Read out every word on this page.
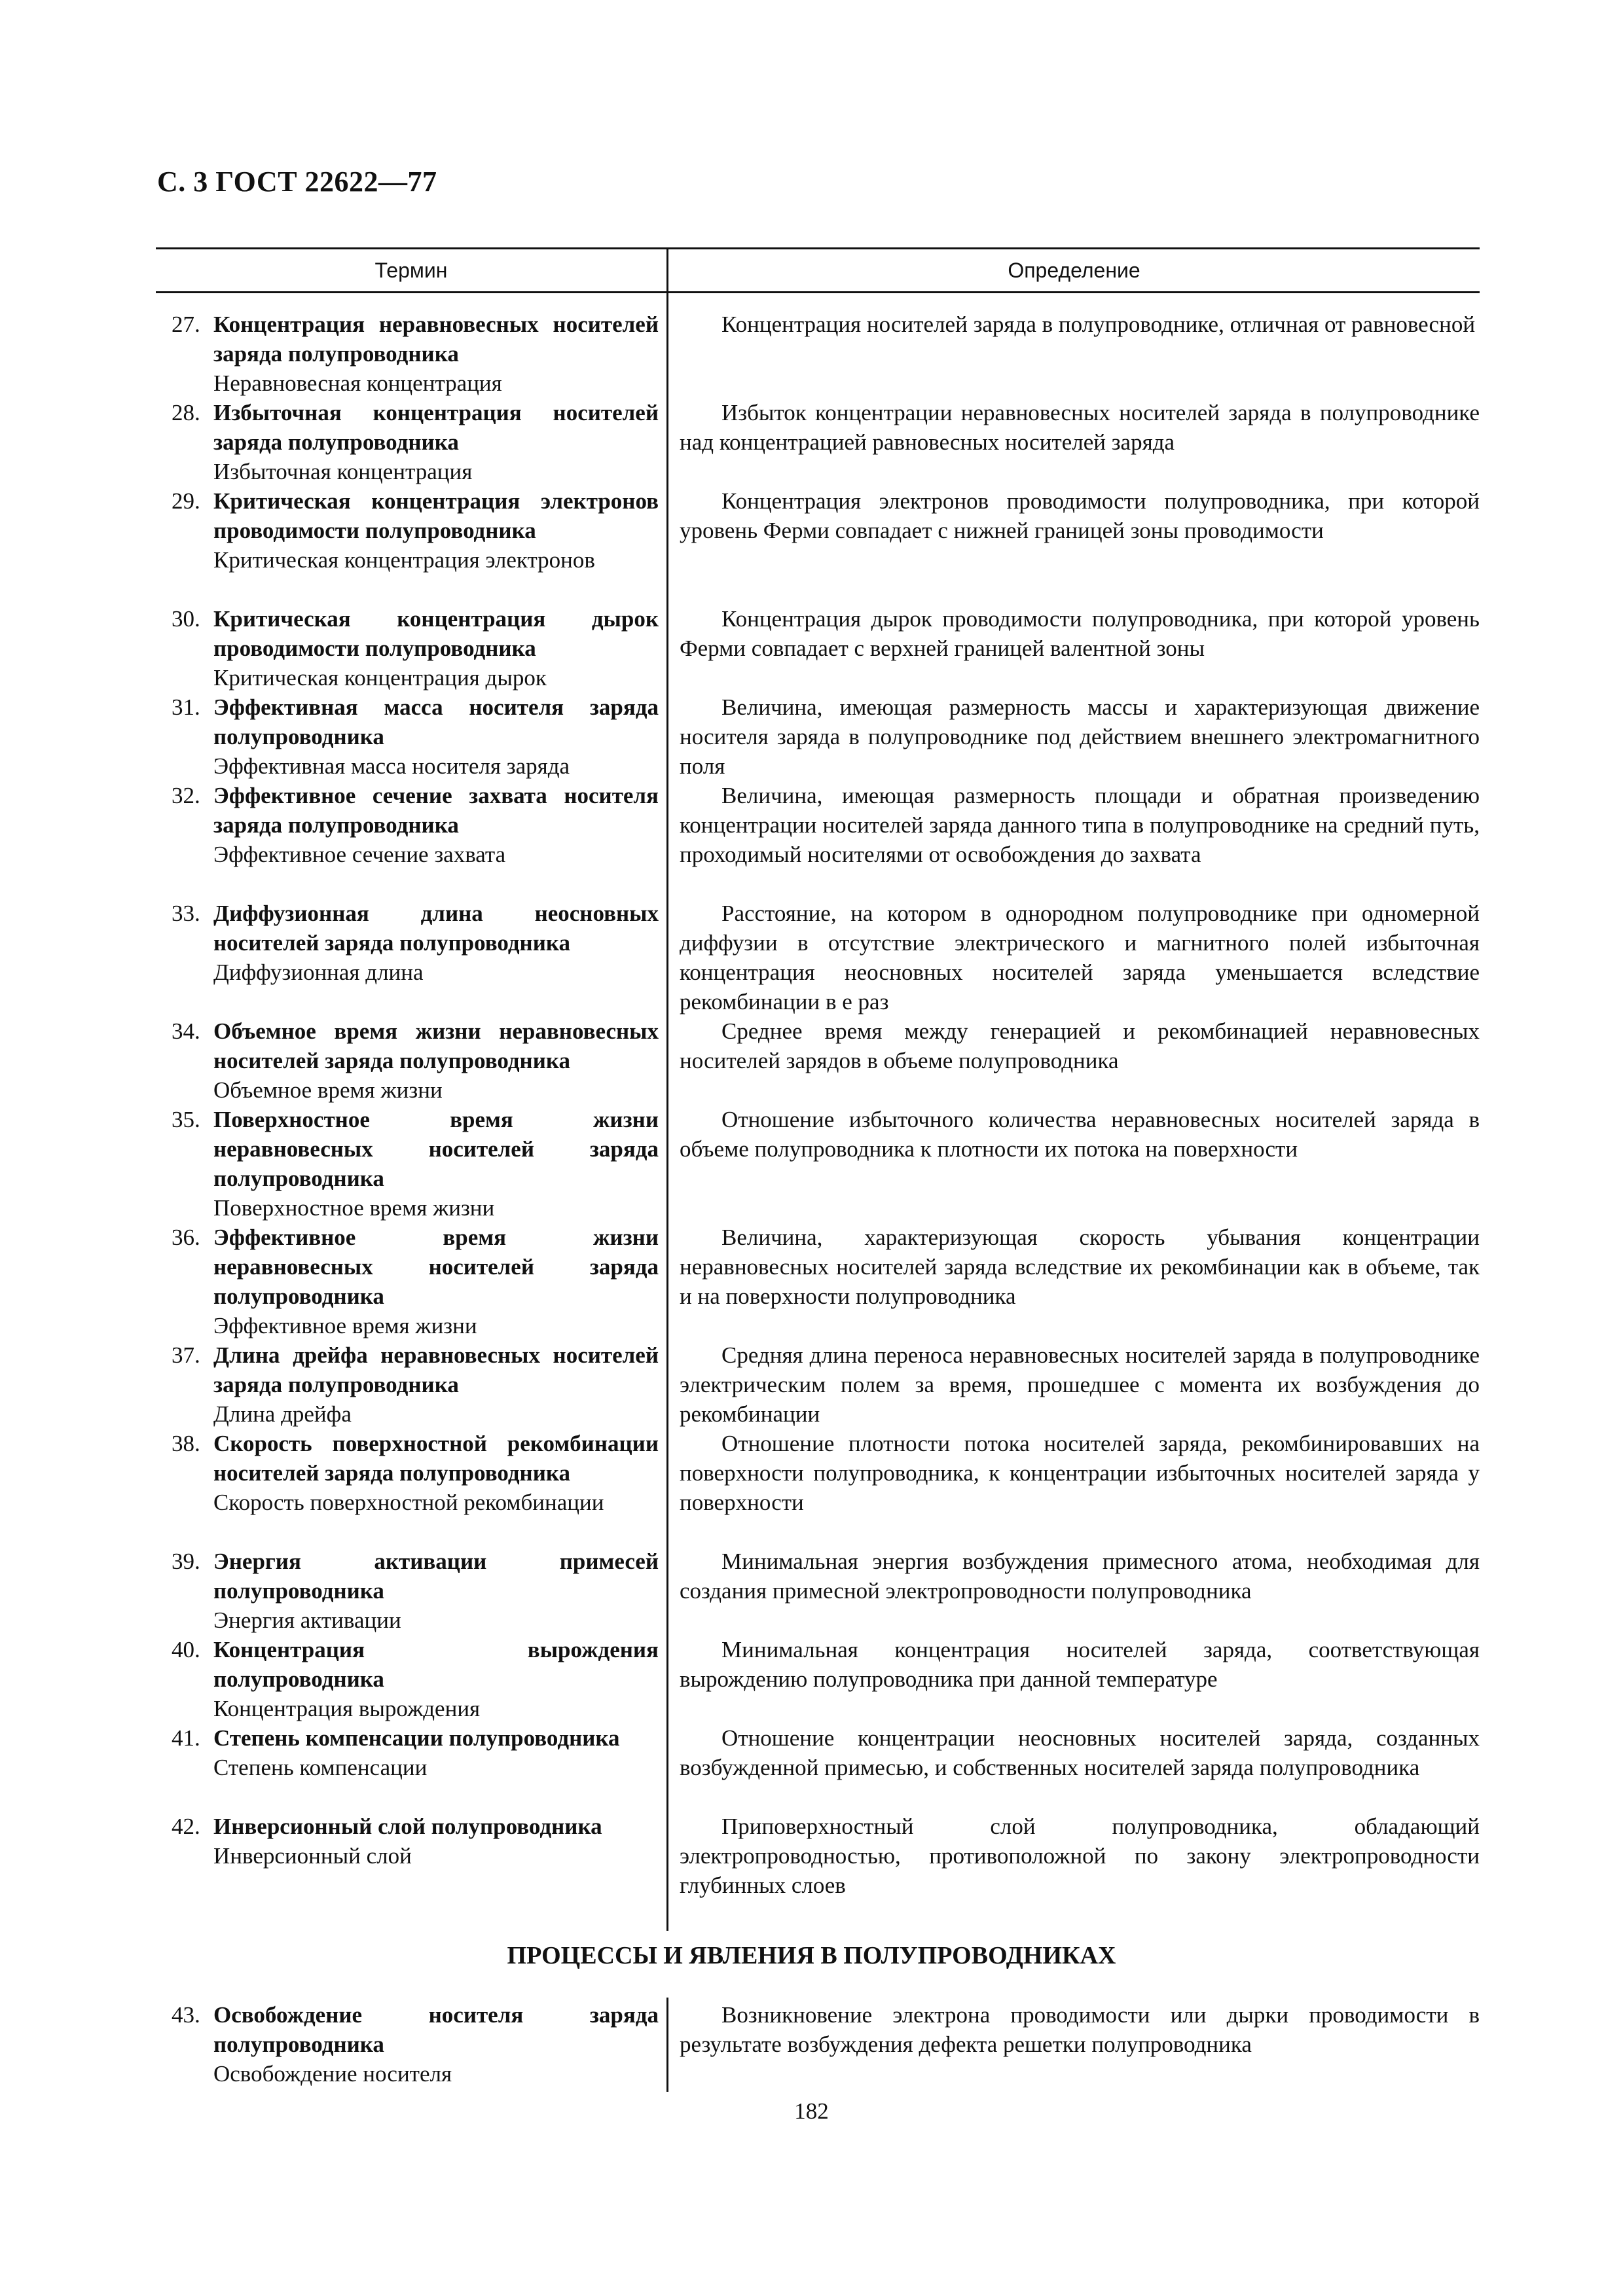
С. 3 ГОСТ 22622—77
Термин	Определение
27. Концентрация неравновесных носителей заряда полупроводника
Неравновесная концентрация
Концентрация носителей заряда в полупроводнике, отличная от равновесной
28. Избыточная концентрация носителей заряда полупроводника
Избыточная концентрация
Избыток концентрации неравновесных носителей заряда в полупроводнике над концентрацией равновесных носителей заряда
29. Критическая концентрация электронов проводимости полупроводника
Критическая концентрация электронов
Концентрация электронов проводимости полупроводника, при которой уровень Ферми совпадает с нижней границей зоны проводимости
30. Критическая концентрация дырок проводимости полупроводника
Критическая концентрация дырок
Концентрация дырок проводимости полупроводника, при которой уровень Ферми совпадает с верхней границей валентной зоны
31. Эффективная масса носителя заряда полупроводника
Эффективная масса носителя заряда
Величина, имеющая размерность массы и характеризующая движение носителя заряда в полупроводнике под действием внешнего электромагнитного поля
32. Эффективное сечение захвата носителя заряда полупроводника
Эффективное сечение захвата
Величина, имеющая размерность площади и обратная произведению концентрации носителей заряда данного типа в полупроводнике на средний путь, проходимый носителями от освобождения до захвата
33. Диффузионная длина неосновных носителей заряда полупроводника
Диффузионная длина
Расстояние, на котором в однородном полупроводнике при одномерной диффузии в отсутствие электрического и магнитного полей избыточная концентрация неосновных носителей заряда уменьшается вследствие рекомбинации в e раз
34. Объемное время жизни неравновесных носителей заряда полупроводника
Объемное время жизни
Среднее время между генерацией и рекомбинацией неравновесных носителей зарядов в объеме полупроводника
35. Поверхностное время жизни неравновесных носителей заряда полупроводника
Поверхностное время жизни
Отношение избыточного количества неравновесных носителей заряда в объеме полупроводника к плотности их потока на поверхности
36. Эффективное время жизни неравновесных носителей заряда полупроводника
Эффективное время жизни
Величина, характеризующая скорость убывания концентрации неравновесных носителей заряда вследствие их рекомбинации как в объеме, так и на поверхности полупроводника
37. Длина дрейфа неравновесных носителей заряда полупроводника
Длина дрейфа
Средняя длина переноса неравновесных носителей заряда в полупроводнике электрическим полем за время, прошедшее с момента их возбуждения до рекомбинации
38. Скорость поверхностной рекомбинации носителей заряда полупроводника
Скорость поверхностной рекомбинации
Отношение плотности потока носителей заряда, рекомбинировавших на поверхности полупроводника, к концентрации избыточных носителей заряда у поверхности
39. Энергия активации примесей полупроводника
Энергия активации
Минимальная энергия возбуждения примесного атома, необходимая для создания примесной электропроводности полупроводника
40. Концентрация вырождения полупроводника
Концентрация вырождения
Минимальная концентрация носителей заряда, соответствующая вырождению полупроводника при данной температуре
41. Степень компенсации полупроводника
Степень компенсации
Отношение концентрации неосновных носителей заряда, созданных возбужденной примесью, и собственных носителей заряда полупроводника
42. Инверсионный слой полупроводника
Инверсионный слой
Приповерхностный слой полупроводника, обладающий электропроводностью, противоположной по закону электропроводности глубинных слоев
ПРОЦЕССЫ И ЯВЛЕНИЯ В ПОЛУПРОВОДНИКАХ
43. Освобождение носителя заряда полупроводника
Освобождение носителя
Возникновение электрона проводимости или дырки проводимости в результате возбуждения дефекта решетки полупроводника
182
